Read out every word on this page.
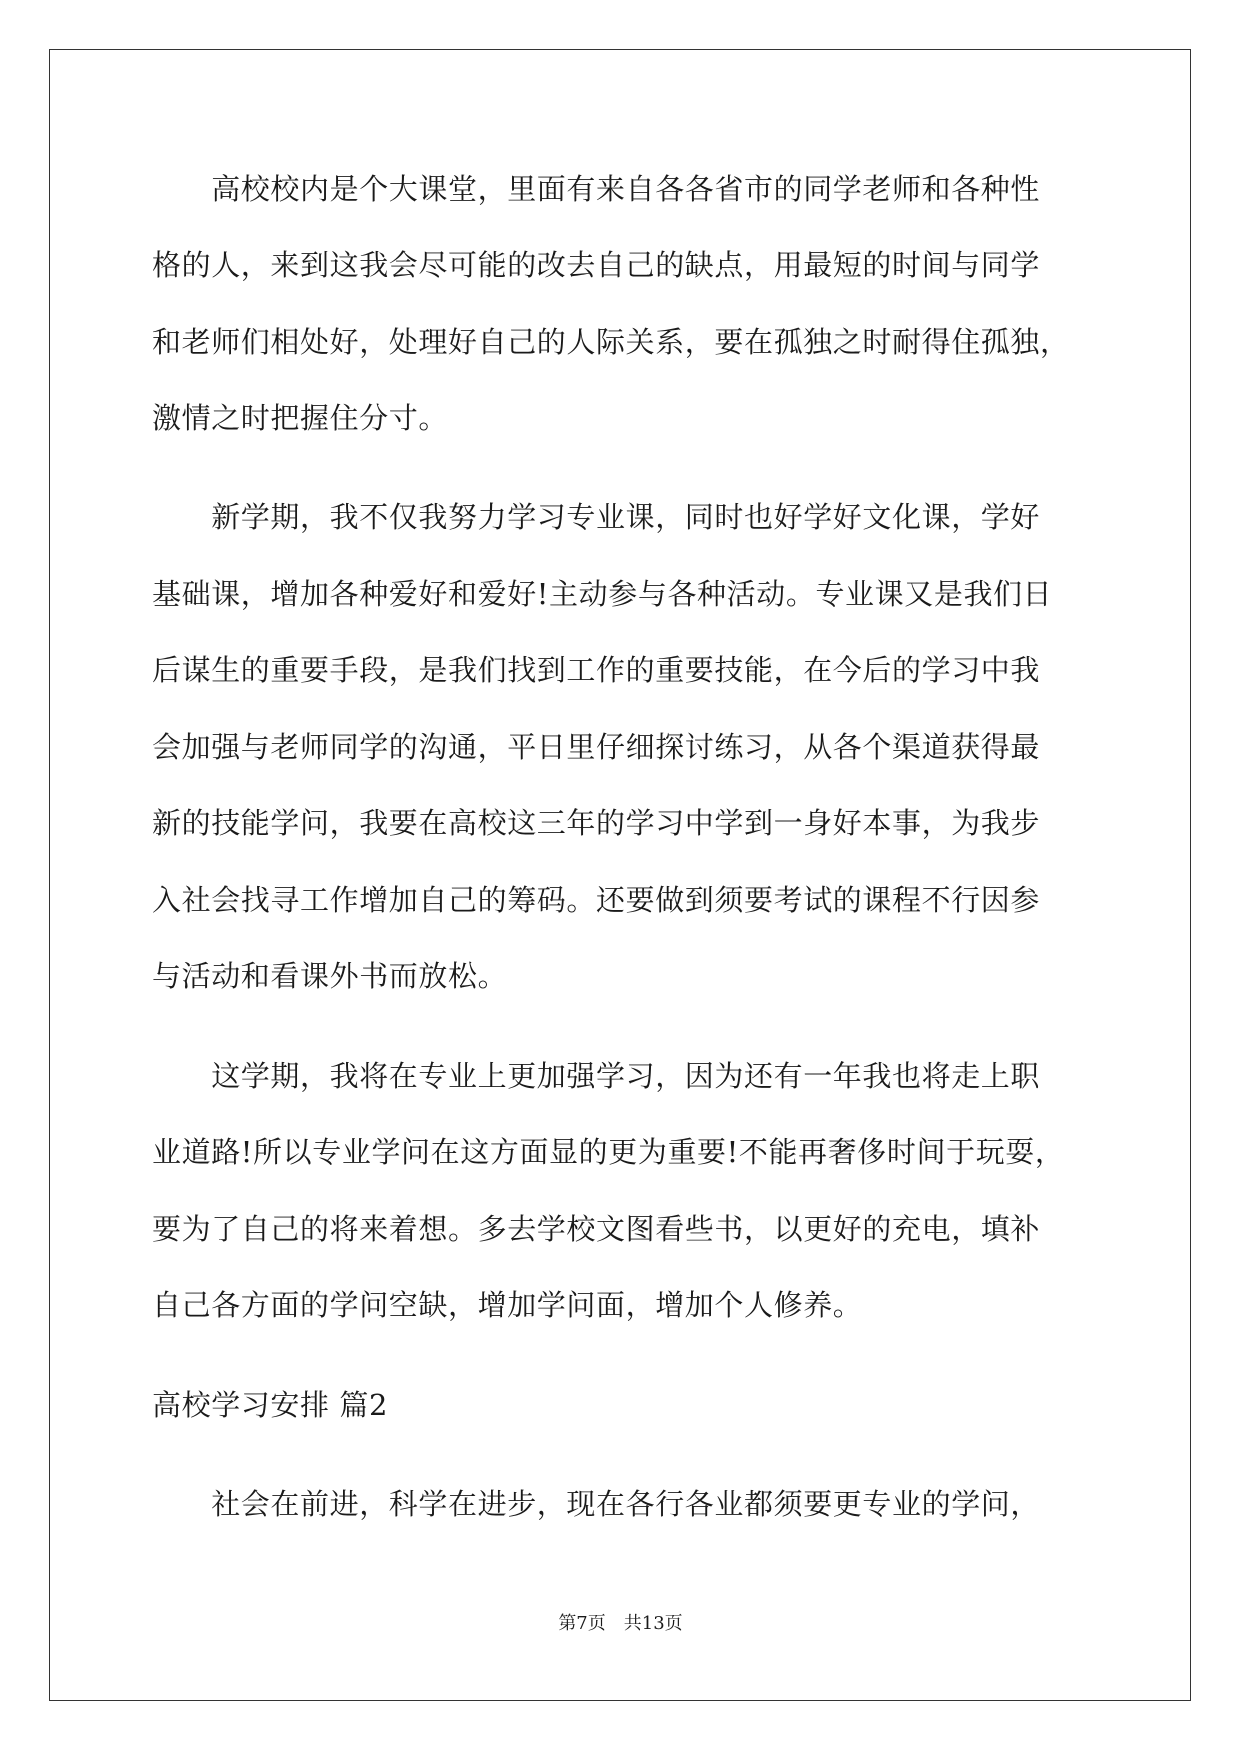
　　高校校内是个大课堂，里面有来自各各省市的同学老师和各种性
格的人，来到这我会尽可能的改去自己的缺点，用最短的时间与同学
和老师们相处好，处理好自己的人际关系，要在孤独之时耐得住孤独，
激情之时把握住分寸。
　　新学期，我不仅我努力学习专业课，同时也好学好文化课，学好
基础课，增加各种爱好和爱好!主动参与各种活动。专业课又是我们日
后谋生的重要手段，是我们找到工作的重要技能，在今后的学习中我
会加强与老师同学的沟通，平日里仔细探讨练习，从各个渠道获得最
新的技能学问，我要在高校这三年的学习中学到一身好本事，为我步
入社会找寻工作增加自己的筹码。还要做到须要考试的课程不行因参
与活动和看课外书而放松。
　　这学期，我将在专业上更加强学习，因为还有一年我也将走上职
业道路!所以专业学问在这方面显的更为重要!不能再奢侈时间于玩耍，
要为了自己的将来着想。多去学校文图看些书，以更好的充电，填补
自己各方面的学问空缺，增加学问面，增加个人修养。
高校学习安排 篇2
　　社会在前进，科学在进步，现在各行各业都须要更专业的学问，
第7页　共13页
